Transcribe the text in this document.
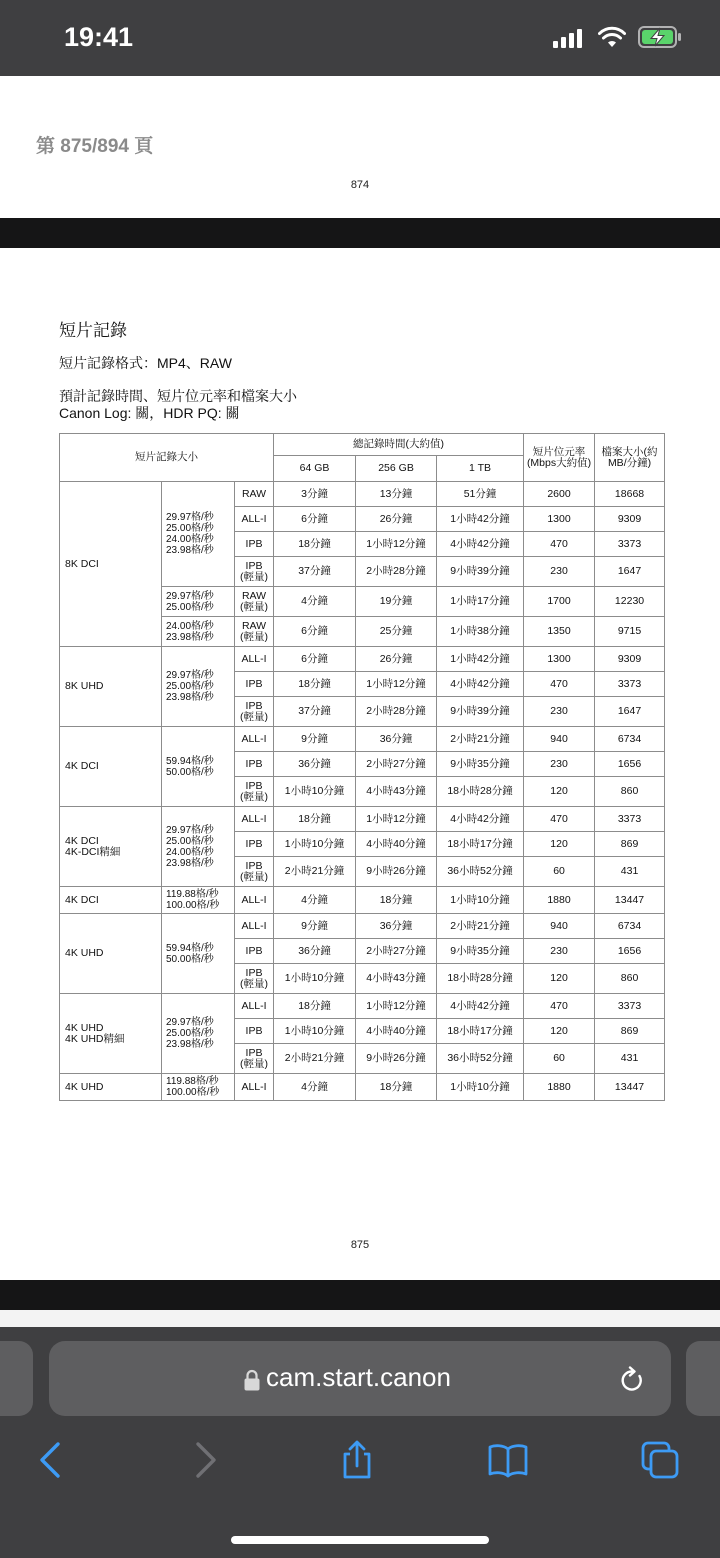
19:41
第 875/894 頁
874
短片記錄
短片記錄格式：MP4、RAW
預計記錄時間、短片位元率和檔案大小
Canon Log: 關，HDR PQ: 關
短片記錄大小			總記錄時間(大約值)			短片位元率(Mbps大約值)	檔案大小(約MB/分鐘)
			64 GB	256 GB	1 TB		
8K DCI	29.97格/秒
25.00格/秒
24.00格/秒
23.98格/秒	RAW	3分鐘	13分鐘	51分鐘	2600	18668
		ALL-I	6分鐘	26分鐘	1小時42分鐘	1300	9309
		IPB	18分鐘	1小時12分鐘	4小時42分鐘	470	3373
		IPB
(輕量)	37分鐘	2小時28分鐘	9小時39分鐘	230	1647
	29.97格/秒
25.00格/秒	RAW
(輕量)	4分鐘	19分鐘	1小時17分鐘	1700	12230
	24.00格/秒
23.98格/秒	RAW
(輕量)	6分鐘	25分鐘	1小時38分鐘	1350	9715
8K UHD	29.97格/秒
25.00格/秒
23.98格/秒	ALL-I	6分鐘	26分鐘	1小時42分鐘	1300	9309
		IPB	18分鐘	1小時12分鐘	4小時42分鐘	470	3373
		IPB
(輕量)	37分鐘	2小時28分鐘	9小時39分鐘	230	1647
4K DCI	59.94格/秒
50.00格/秒	ALL-I	9分鐘	36分鐘	2小時21分鐘	940	6734
		IPB	36分鐘	2小時27分鐘	9小時35分鐘	230	1656
		IPB
(輕量)	1小時10分鐘	4小時43分鐘	18小時28分鐘	120	860
4K DCI
4K-DCI精細	29.97格/秒
25.00格/秒
24.00格/秒
23.98格/秒	ALL-I	18分鐘	1小時12分鐘	4小時42分鐘	470	3373
		IPB	1小時10分鐘	4小時40分鐘	18小時17分鐘	120	869
		IPB
(輕量)	2小時21分鐘	9小時26分鐘	36小時52分鐘	60	431
4K DCI	119.88格/秒
100.00格/秒	ALL-I	4分鐘	18分鐘	1小時10分鐘	1880	13447
4K UHD	59.94格/秒
50.00格/秒	ALL-I	9分鐘	36分鐘	2小時21分鐘	940	6734
		IPB	36分鐘	2小時27分鐘	9小時35分鐘	230	1656
		IPB
(輕量)	1小時10分鐘	4小時43分鐘	18小時28分鐘	120	860
4K UHD
4K UHD精細	29.97格/秒
25.00格/秒
23.98格/秒	ALL-I	18分鐘	1小時12分鐘	4小時42分鐘	470	3373
		IPB	1小時10分鐘	4小時40分鐘	18小時17分鐘	120	869
		IPB
(輕量)	2小時21分鐘	9小時26分鐘	36小時52分鐘	60	431
4K UHD	119.88格/秒
100.00格/秒	ALL-I	4分鐘	18分鐘	1小時10分鐘	1880	13447
875
cam.start.canon
